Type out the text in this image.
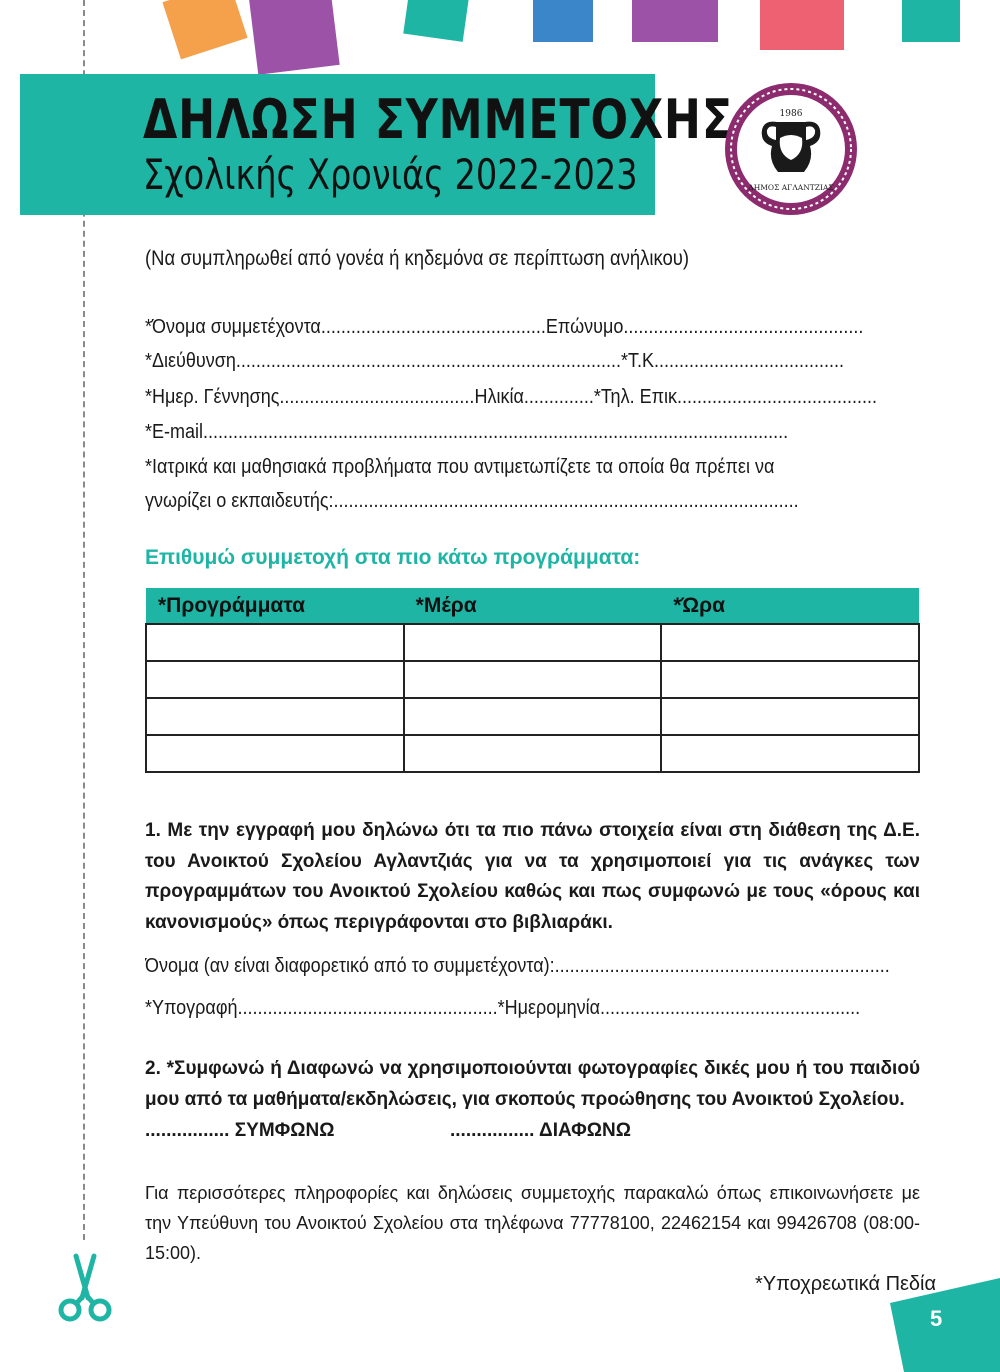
ΔΗΛΩΣΗ ΣΥΜΜΕΤΟΧΗΣ
Σχολικής Χρονιάς 2022-2023
1986
ΔΗΜΟΣ ΑΓΛΑΝΤΖΙΑΣ
(Να συμπληρωθεί από γονέα ή κηδεμόνα σε περίπτωση ανήλικου)
*Όνομα συμμετέχοντα.............................................Επώνυμο................................................
*Διεύθυνση.............................................................................*Τ.Κ......................................
*Ημερ. Γέννησης.......................................Ηλικία..............*Τηλ. Επικ........................................
*E-mail.....................................................................................................................
*Ιατρικά και μαθησιακά προβλήματα που αντιμετωπίζετε τα οποία θα πρέπει να
γνωρίζει ο εκπαιδευτής:.............................................................................................
Επιθυμώ συμμετοχή στα πιο κάτω προγράμματα:
*Προγράμματα	*Μέρα	*Ώρα

1. Με την εγγραφή μου δηλώνω ότι τα πιο πάνω στοιχεία είναι στη διάθεση της Δ.Ε. του Ανοικτού Σχολείου Αγλαντζιάς για να τα χρησιμοποιεί για τις ανάγκες των προγραμμάτων του Ανοικτού Σχολείου καθώς και πως συμφωνώ με τους «όρους και κανονισμούς» όπως περιγράφονται στο βιβλιαράκι.
Όνομα (αν είναι διαφορετικό από το συμμετέχοντα):...................................................................
*Υπογραφή....................................................*Ημερομηνία....................................................
2. *Συμφωνώ ή Διαφωνώ να χρησιμοποιούνται φωτογραφίες δικές μου ή του παιδιού μου από τα μαθήματα/εκδηλώσεις, για σκοπούς προώθησης του Ανοικτού Σχολείου.
................ ΣΥΜΦΩΝΩ	................ ΔΙΑΦΩΝΩ
Για περισσότερες πληροφορίες και δηλώσεις συμμετοχής παρακαλώ όπως επικοινωνήσετε με την Υπεύθυνη του Ανοικτού Σχολείου στα τηλέφωνα 77778100, 22462154 και 99426708 (08:00-15:00).
*Υποχρεωτικά Πεδία
5
